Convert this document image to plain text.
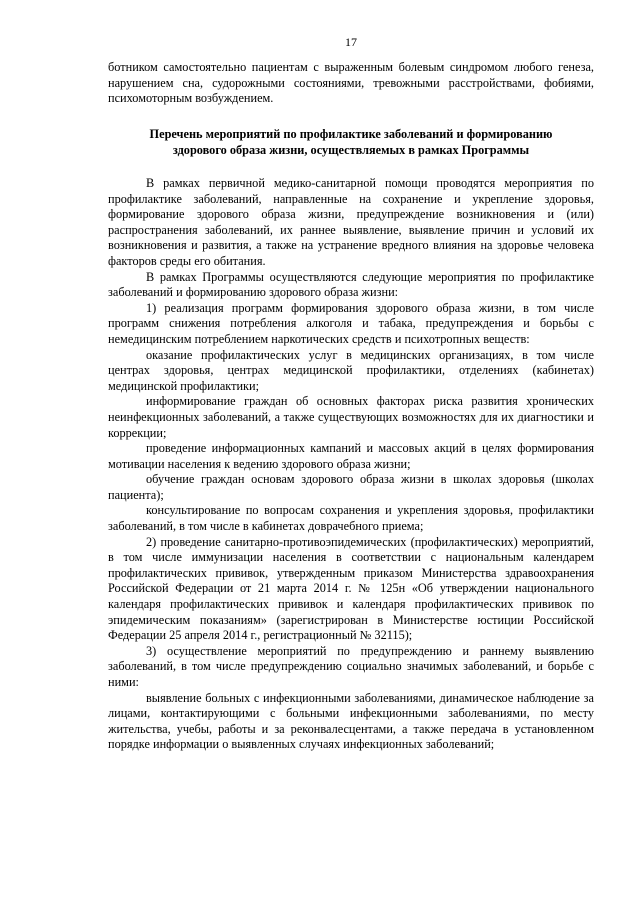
17

ботником самостоятельно пациентам с выраженным болевым синдромом любого генеза, нарушением сна, судорожными состояниями, тревожными расстройствами, фобиями, психомоторным возбуждением.

Перечень мероприятий по профилактике заболеваний и формированию
здорового образа жизни, осуществляемых в рамках Программы

В рамках первичной медико-санитарной помощи проводятся мероприятия по профилактике заболеваний, направленные на сохранение и укрепление здоровья, формирование здорового образа жизни, предупреждение возникновения и (или) распространения заболеваний, их раннее выявление, выявление причин и условий их возникновения и развития, а также на устранение вредного влияния на здоровье человека факторов среды его обитания.

В рамках Программы осуществляются следующие мероприятия по профилактике заболеваний и формированию здорового образа жизни:

1) реализация программ формирования здорового образа жизни, в том числе программ снижения потребления алкоголя и табака, предупреждения и борьбы с немедицинским потреблением наркотических средств и психотропных веществ:

оказание профилактических услуг в медицинских организациях, в том числе центрах здоровья, центрах медицинской профилактики, отделениях (кабинетах) медицинской профилактики;

информирование граждан об основных факторах риска развития хронических неинфекционных заболеваний, а также существующих возможностях для их диагностики и коррекции;

проведение информационных кампаний и массовых акций в целях формирования мотивации населения к ведению здорового образа жизни;

обучение граждан основам здорового образа жизни в школах здоровья (школах пациента);

консультирование по вопросам сохранения и укрепления здоровья, профилактики заболеваний, в том числе в кабинетах доврачебного приема;

2) проведение санитарно-противоэпидемических (профилактических) мероприятий, в том числе иммунизации населения в соответствии с национальным календарем профилактических прививок, утвержденным приказом Министерства здравоохранения Российской Федерации от 21 марта 2014 г. № 125н «Об утверждении национального календаря профилактических прививок и календаря профилактических прививок по эпидемическим показаниям» (зарегистрирован в Министерстве юстиции Российской Федерации 25 апреля 2014 г., регистрационный № 32115);

3) осуществление мероприятий по предупреждению и раннему выявлению заболеваний, в том числе предупреждению социально значимых заболеваний, и борьбе с ними:

выявление больных с инфекционными заболеваниями, динамическое наблюдение за лицами, контактирующими с больными инфекционными заболеваниями, по месту жительства, учебы, работы и за реконвалесцентами, а также передача в установленном порядке информации о выявленных случаях инфекционных заболеваний;
